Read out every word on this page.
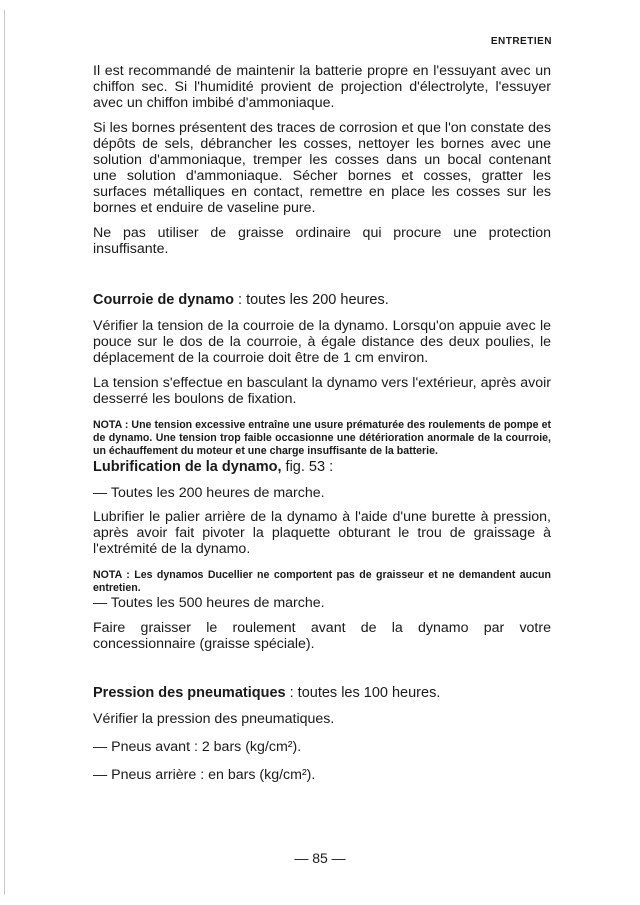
ENTRETIEN

Il est recommandé de maintenir la batterie propre en l'essuyant avec un chiffon sec. Si l'humidité provient de projection d'électrolyte, l'essuyer avec un chiffon imbibé d'ammoniaque.

Si les bornes présentent des traces de corrosion et que l'on constate des dépôts de sels, débrancher les cosses, nettoyer les bornes avec une solution d'ammoniaque, tremper les cosses dans un bocal contenant une solution d'ammoniaque. Sécher bornes et cosses, gratter les surfaces métalliques en contact, remettre en place les cosses sur les bornes et enduire de vaseline pure.

Ne pas utiliser de graisse ordinaire qui procure une protection insuffisante.

Courroie de dynamo : toutes les 200 heures.

Vérifier la tension de la courroie de la dynamo. Lorsqu'on appuie avec le pouce sur le dos de la courroie, à égale distance des deux poulies, le déplacement de la courroie doit être de 1 cm environ.

La tension s'effectue en basculant la dynamo vers l'extérieur, après avoir desserré les boulons de fixation.

NOTA : Une tension excessive entraîne une usure prématurée des roulements de pompe et de dynamo. Une tension trop faible occasionne une détérioration anormale de la courroie, un échauffement du moteur et une charge insuffisante de la batterie.

Lubrification de la dynamo, fig. 53 :

— Toutes les 200 heures de marche.

Lubrifier le palier arrière de la dynamo à l'aide d'une burette à pression, après avoir fait pivoter la plaquette obturant le trou de graissage à l'extrémité de la dynamo.

NOTA : Les dynamos Ducellier ne comportent pas de graisseur et ne demandent aucun entretien.

— Toutes les 500 heures de marche.

Faire graisser le roulement avant de la dynamo par votre concessionnaire (graisse spéciale).

Pression des pneumatiques : toutes les 100 heures.

Vérifier la pression des pneumatiques.

— Pneus avant : 2 bars (kg/cm²).

— Pneus arrière : en bars (kg/cm²).

— 85 —
